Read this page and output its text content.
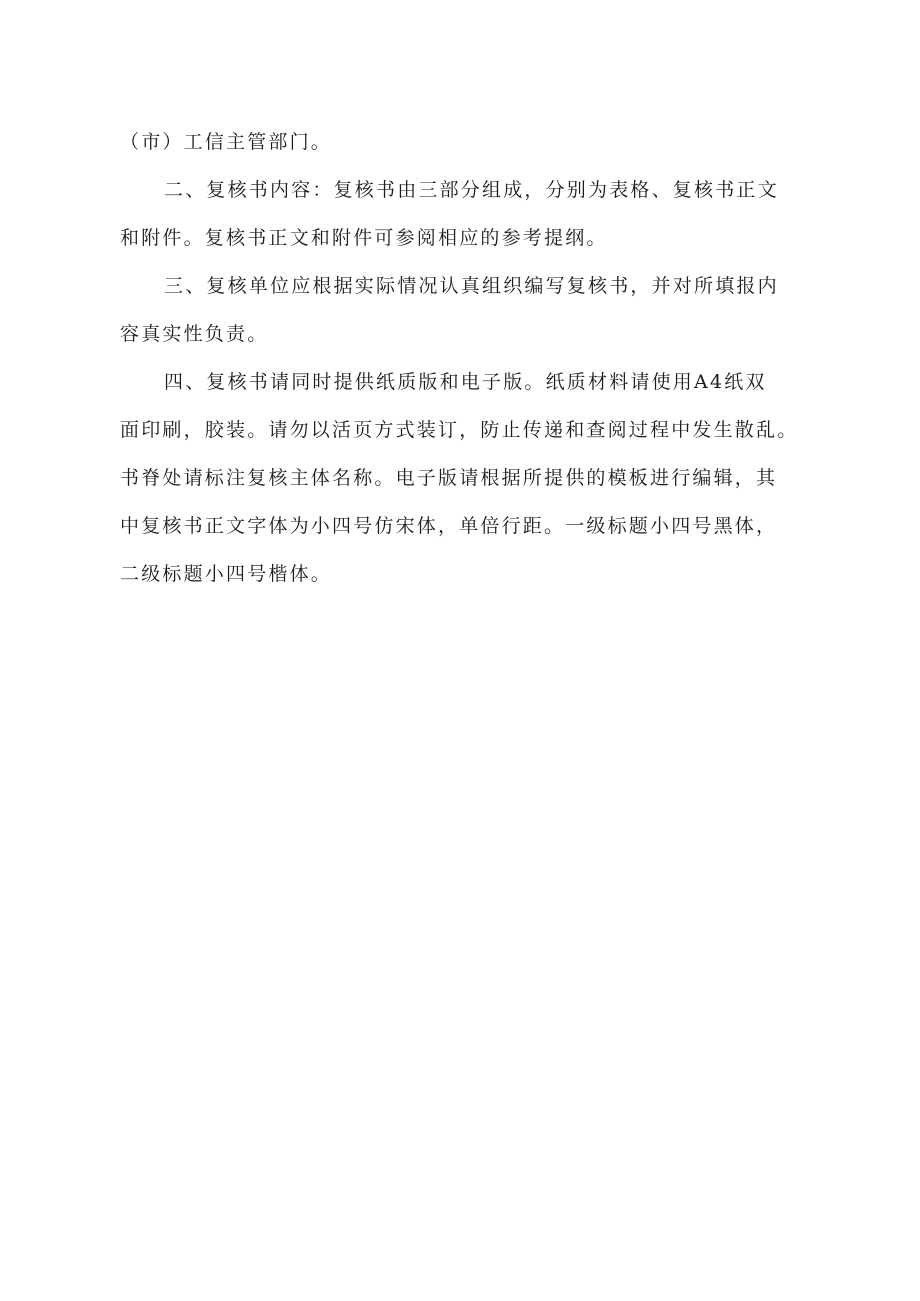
（市）工信主管部门。

二、复核书内容：复核书由三部分组成，分别为表格、复核书正文
和附件。复核书正文和附件可参阅相应的参考提纲。

三、复核单位应根据实际情况认真组织编写复核书，并对所填报内
容真实性负责。

四、复核书请同时提供纸质版和电子版。纸质材料请使用A4纸双
面印刷，胶装。请勿以活页方式装订，防止传递和查阅过程中发生散乱。
书脊处请标注复核主体名称。电子版请根据所提供的模板进行编辑，其
中复核书正文字体为小四号仿宋体，单倍行距。一级标题小四号黑体，
二级标题小四号楷体。
